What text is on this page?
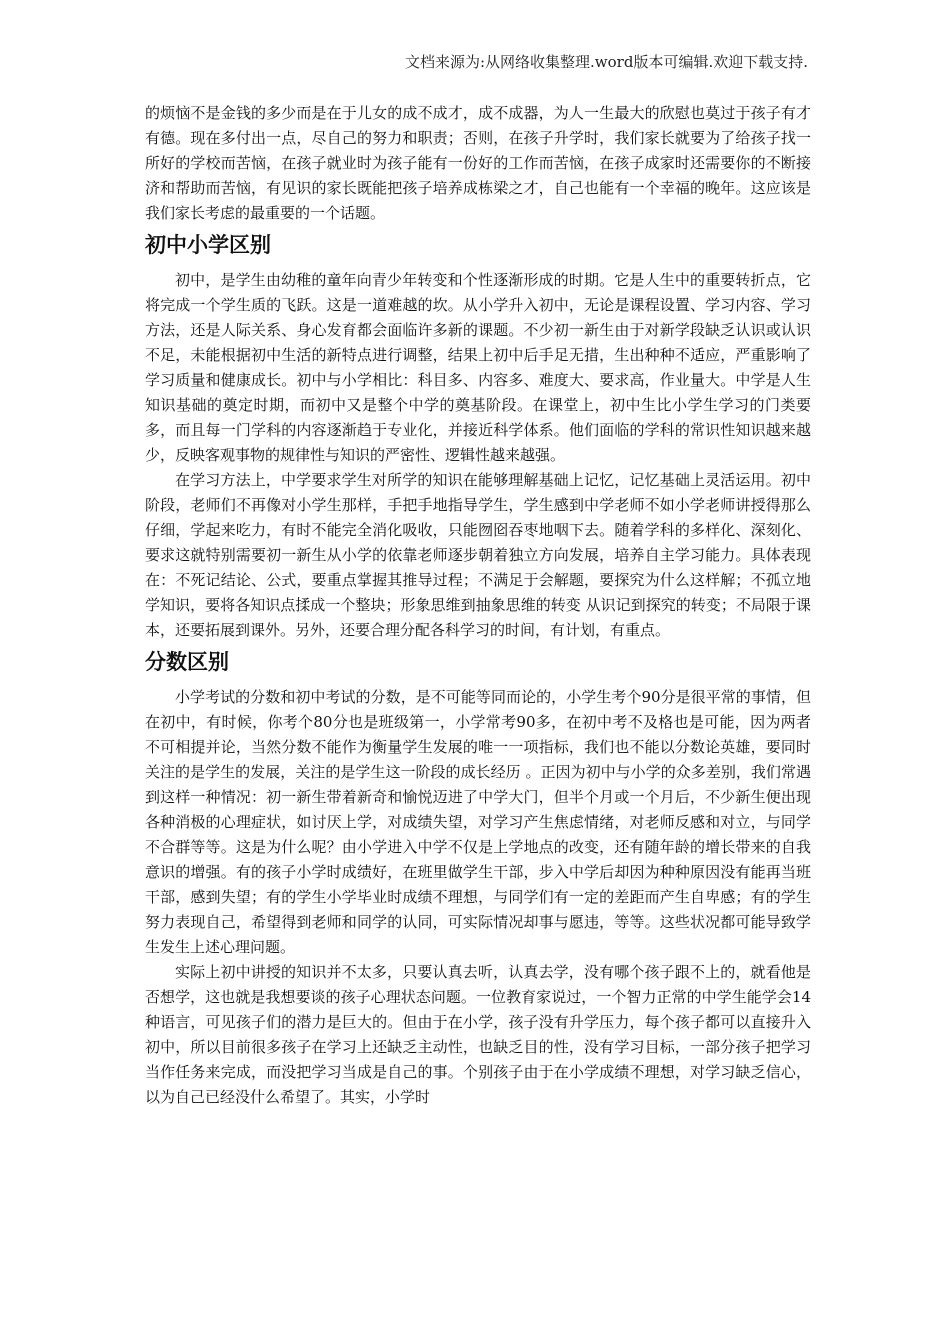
文档来源为:从网络收集整理.word版本可编辑.欢迎下载支持.

的烦恼不是金钱的多少而是在于儿女的成不成才，成不成器，为人一生最大的欣慰也莫过于孩子有才有德。现在多付出一点，尽自己的努力和职责；否则，在孩子升学时，我们家长就要为了给孩子找一所好的学校而苦恼，在孩子就业时为孩子能有一份好的工作而苦恼，在孩子成家时还需要你的不断接济和帮助而苦恼，有见识的家长既能把孩子培养成栋梁之才，自己也能有一个幸福的晚年。这应该是我们家长考虑的最重要的一个话题。

初中小学区别

初中，是学生由幼稚的童年向青少年转变和个性逐渐形成的时期。它是人生中的重要转折点，它将完成一个学生质的飞跃。这是一道难越的坎。从小学升入初中，无论是课程设置、学习内容、学习方法，还是人际关系、身心发育都会面临许多新的课题。不少初一新生由于对新学段缺乏认识或认识不足，未能根据初中生活的新特点进行调整，结果上初中后手足无措，生出种种不适应，严重影响了学习质量和健康成长。初中与小学相比：科目多、内容多、难度大、要求高，作业量大。中学是人生知识基础的奠定时期，而初中又是整个中学的奠基阶段。在课堂上，初中生比小学生学习的门类要多，而且每一门学科的内容逐渐趋于专业化，并接近科学体系。他们面临的学科的常识性知识越来越少，反映客观事物的规律性与知识的严密性、逻辑性越来越强。

在学习方法上，中学要求学生对所学的知识在能够理解基础上记忆，记忆基础上灵活运用。初中阶段，老师们不再像对小学生那样，手把手地指导学生，学生感到中学老师不如小学老师讲授得那么仔细，学起来吃力，有时不能完全消化吸收，只能囫囵吞枣地咽下去。随着学科的多样化、深刻化、要求这就特别需要初一新生从小学的依靠老师逐步朝着独立方向发展，培养自主学习能力。具体表现在：不死记结论、公式，要重点掌握其推导过程；不满足于会解题，要探究为什么这样解；不孤立地学知识，要将各知识点揉成一个整块；形象思维到抽象思维的转变 从识记到探究的转变；不局限于课本，还要拓展到课外。另外，还要合理分配各科学习的时间，有计划，有重点。

分数区别

小学考试的分数和初中考试的分数，是不可能等同而论的，小学生考个90分是很平常的事情，但在初中，有时候，你考个80分也是班级第一，小学常考90多，在初中考不及格也是可能，因为两者不可相提并论，当然分数不能作为衡量学生发展的唯一一项指标，我们也不能以分数论英雄，要同时关注的是学生的发展，关注的是学生这一阶段的成长经历 。正因为初中与小学的众多差别，我们常遇到这样一种情况：初一新生带着新奇和愉悦迈进了中学大门，但半个月或一个月后，不少新生便出现各种消极的心理症状，如讨厌上学，对成绩失望，对学习产生焦虑情绪，对老师反感和对立，与同学不合群等等。这是为什么呢？由小学进入中学不仅是上学地点的改变，还有随年龄的增长带来的自我意识的增强。有的孩子小学时成绩好，在班里做学生干部，步入中学后却因为种种原因没有能再当班干部，感到失望；有的学生小学毕业时成绩不理想，与同学们有一定的差距而产生自卑感；有的学生努力表现自己，希望得到老师和同学的认同，可实际情况却事与愿违，等等。这些状况都可能导致学生发生上述心理问题。

实际上初中讲授的知识并不太多，只要认真去听，认真去学，没有哪个孩子跟不上的，就看他是否想学，这也就是我想要谈的孩子心理状态问题。一位教育家说过，一个智力正常的中学生能学会14种语言，可见孩子们的潜力是巨大的。但由于在小学，孩子没有升学压力，每个孩子都可以直接升入初中，所以目前很多孩子在学习上还缺乏主动性，也缺乏目的性，没有学习目标，一部分孩子把学习当作任务来完成，而没把学习当成是自己的事。个别孩子由于在小学成绩不理想，对学习缺乏信心，以为自己已经没什么希望了。其实，小学时
